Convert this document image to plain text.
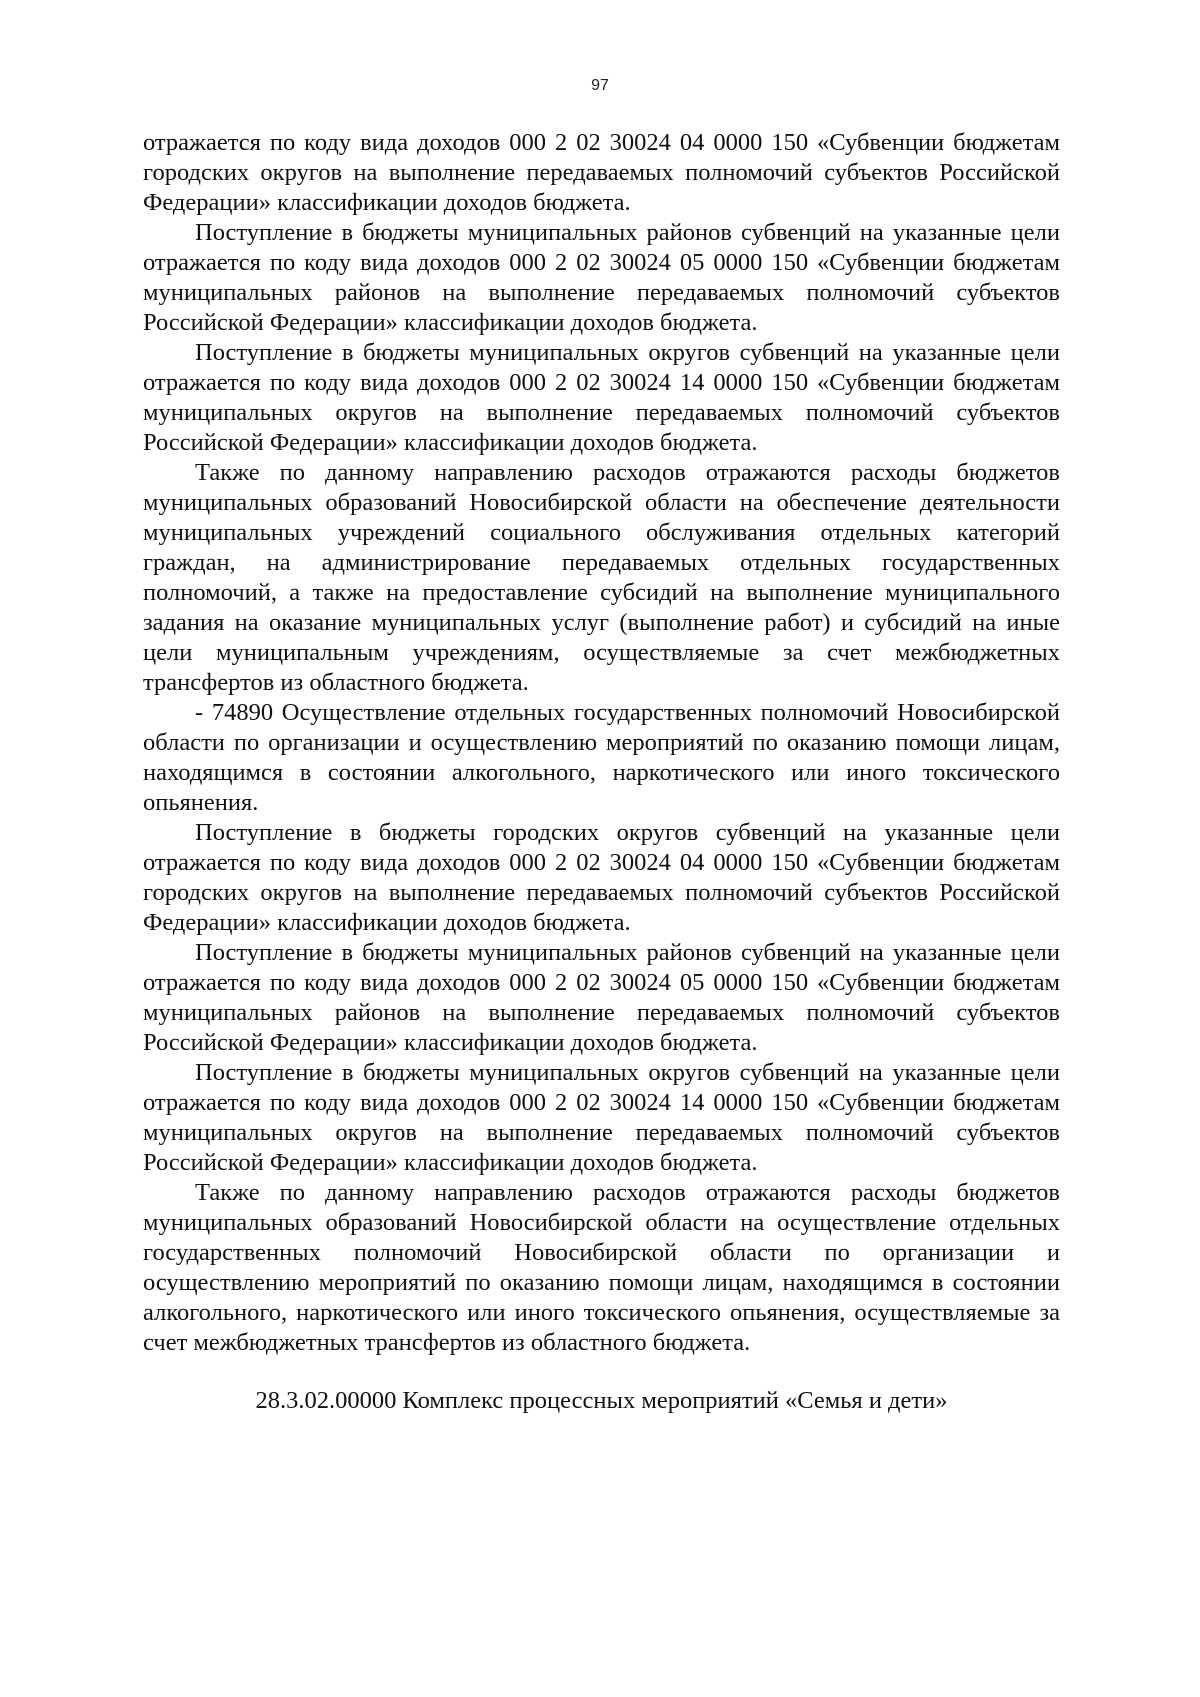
97

отражается по коду вида доходов 000 2 02 30024 04 0000 150 «Субвенции бюджетам городских округов на выполнение передаваемых полномочий субъектов Российской Федерации» классификации доходов бюджета.

Поступление в бюджеты муниципальных районов субвенций на указанные цели отражается по коду вида доходов 000 2 02 30024 05 0000 150 «Субвенции бюджетам муниципальных районов на выполнение передаваемых полномочий субъектов Российской Федерации» классификации доходов бюджета.

Поступление в бюджеты муниципальных округов субвенций на указанные цели отражается по коду вида доходов 000 2 02 30024 14 0000 150 «Субвенции бюджетам муниципальных округов на выполнение передаваемых полномочий субъектов Российской Федерации» классификации доходов бюджета.

Также по данному направлению расходов отражаются расходы бюджетов муниципальных образований Новосибирской области на обеспечение деятельности муниципальных учреждений социального обслуживания отдельных категорий граждан, на администрирование передаваемых отдельных государственных полномочий, а также на предоставление субсидий на выполнение муниципального задания на оказание муниципальных услуг (выполнение работ) и субсидий на иные цели муниципальным учреждениям, осуществляемые за счет межбюджетных трансфертов из областного бюджета.

- 74890 Осуществление отдельных государственных полномочий Новосибирской области по организации и осуществлению мероприятий по оказанию помощи лицам, находящимся в состоянии алкогольного, наркотического или иного токсического опьянения.

Поступление в бюджеты городских округов субвенций на указанные цели отражается по коду вида доходов 000 2 02 30024 04 0000 150 «Субвенции бюджетам городских округов на выполнение передаваемых полномочий субъектов Российской Федерации» классификации доходов бюджета.

Поступление в бюджеты муниципальных районов субвенций на указанные цели отражается по коду вида доходов 000 2 02 30024 05 0000 150 «Субвенции бюджетам муниципальных районов на выполнение передаваемых полномочий субъектов Российской Федерации» классификации доходов бюджета.

Поступление в бюджеты муниципальных округов субвенций на указанные цели отражается по коду вида доходов 000 2 02 30024 14 0000 150 «Субвенции бюджетам муниципальных округов на выполнение передаваемых полномочий субъектов Российской Федерации» классификации доходов бюджета.

Также по данному направлению расходов отражаются расходы бюджетов муниципальных образований Новосибирской области на осуществление отдельных государственных полномочий Новосибирской области по организации и осуществлению мероприятий по оказанию помощи лицам, находящимся в состоянии алкогольного, наркотического или иного токсического опьянения, осуществляемые за счет межбюджетных трансфертов из областного бюджета.

28.3.02.00000 Комплекс процессных мероприятий «Семья и дети»
